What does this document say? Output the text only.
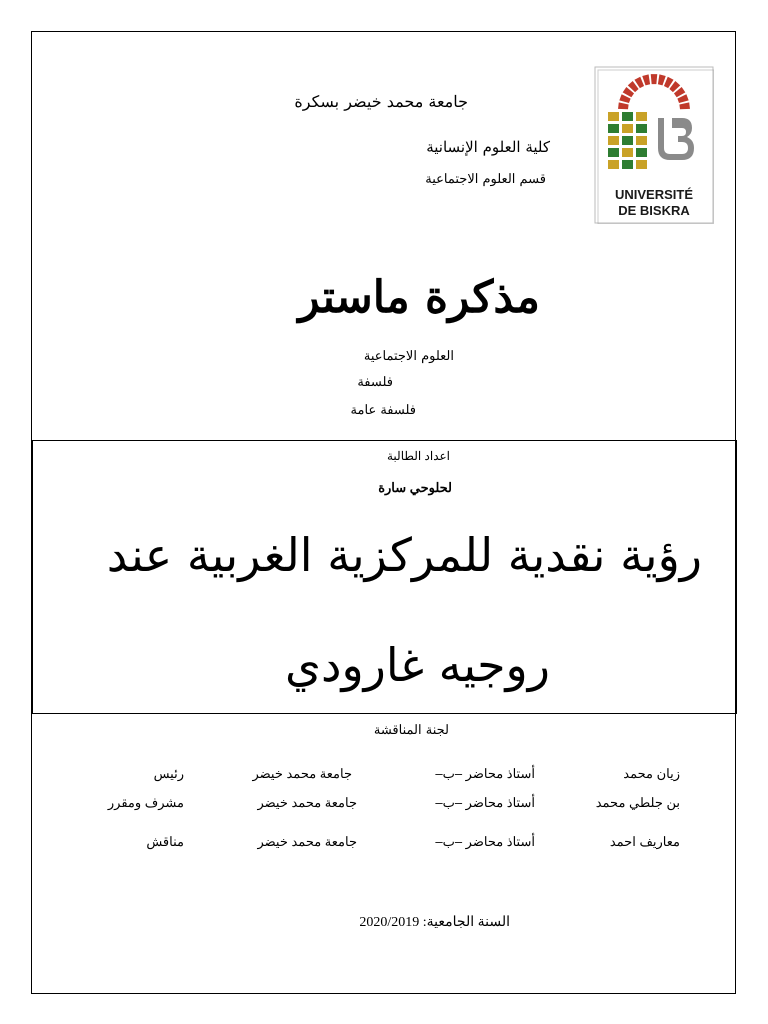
UNIVERSITÉ
DE BISKRA
جامعة محمد خيضر بسكرة
كلية العلوم الإنسانية
قسم العلوم الاجتماعية
مذكرة ماستر
العلوم الاجتماعية
فلسفة
فلسفة عامة
اعداد الطالبة
لحلوحي سارة
رؤية نقدية للمركزية الغربية عند
روجيه غارودي
لجنة المناقشة
زيان محمد
أستاذ محاضر –ب–
جامعة محمد خيضر
رئيس
بن جلطي محمد
أستاذ محاضر –ب–
جامعة محمد خيضر
مشرف ومقرر
معاريف احمد
أستاذ محاضر –ب–
جامعة محمد خيضر
مناقش
السنة الجامعية: 2020/2019
